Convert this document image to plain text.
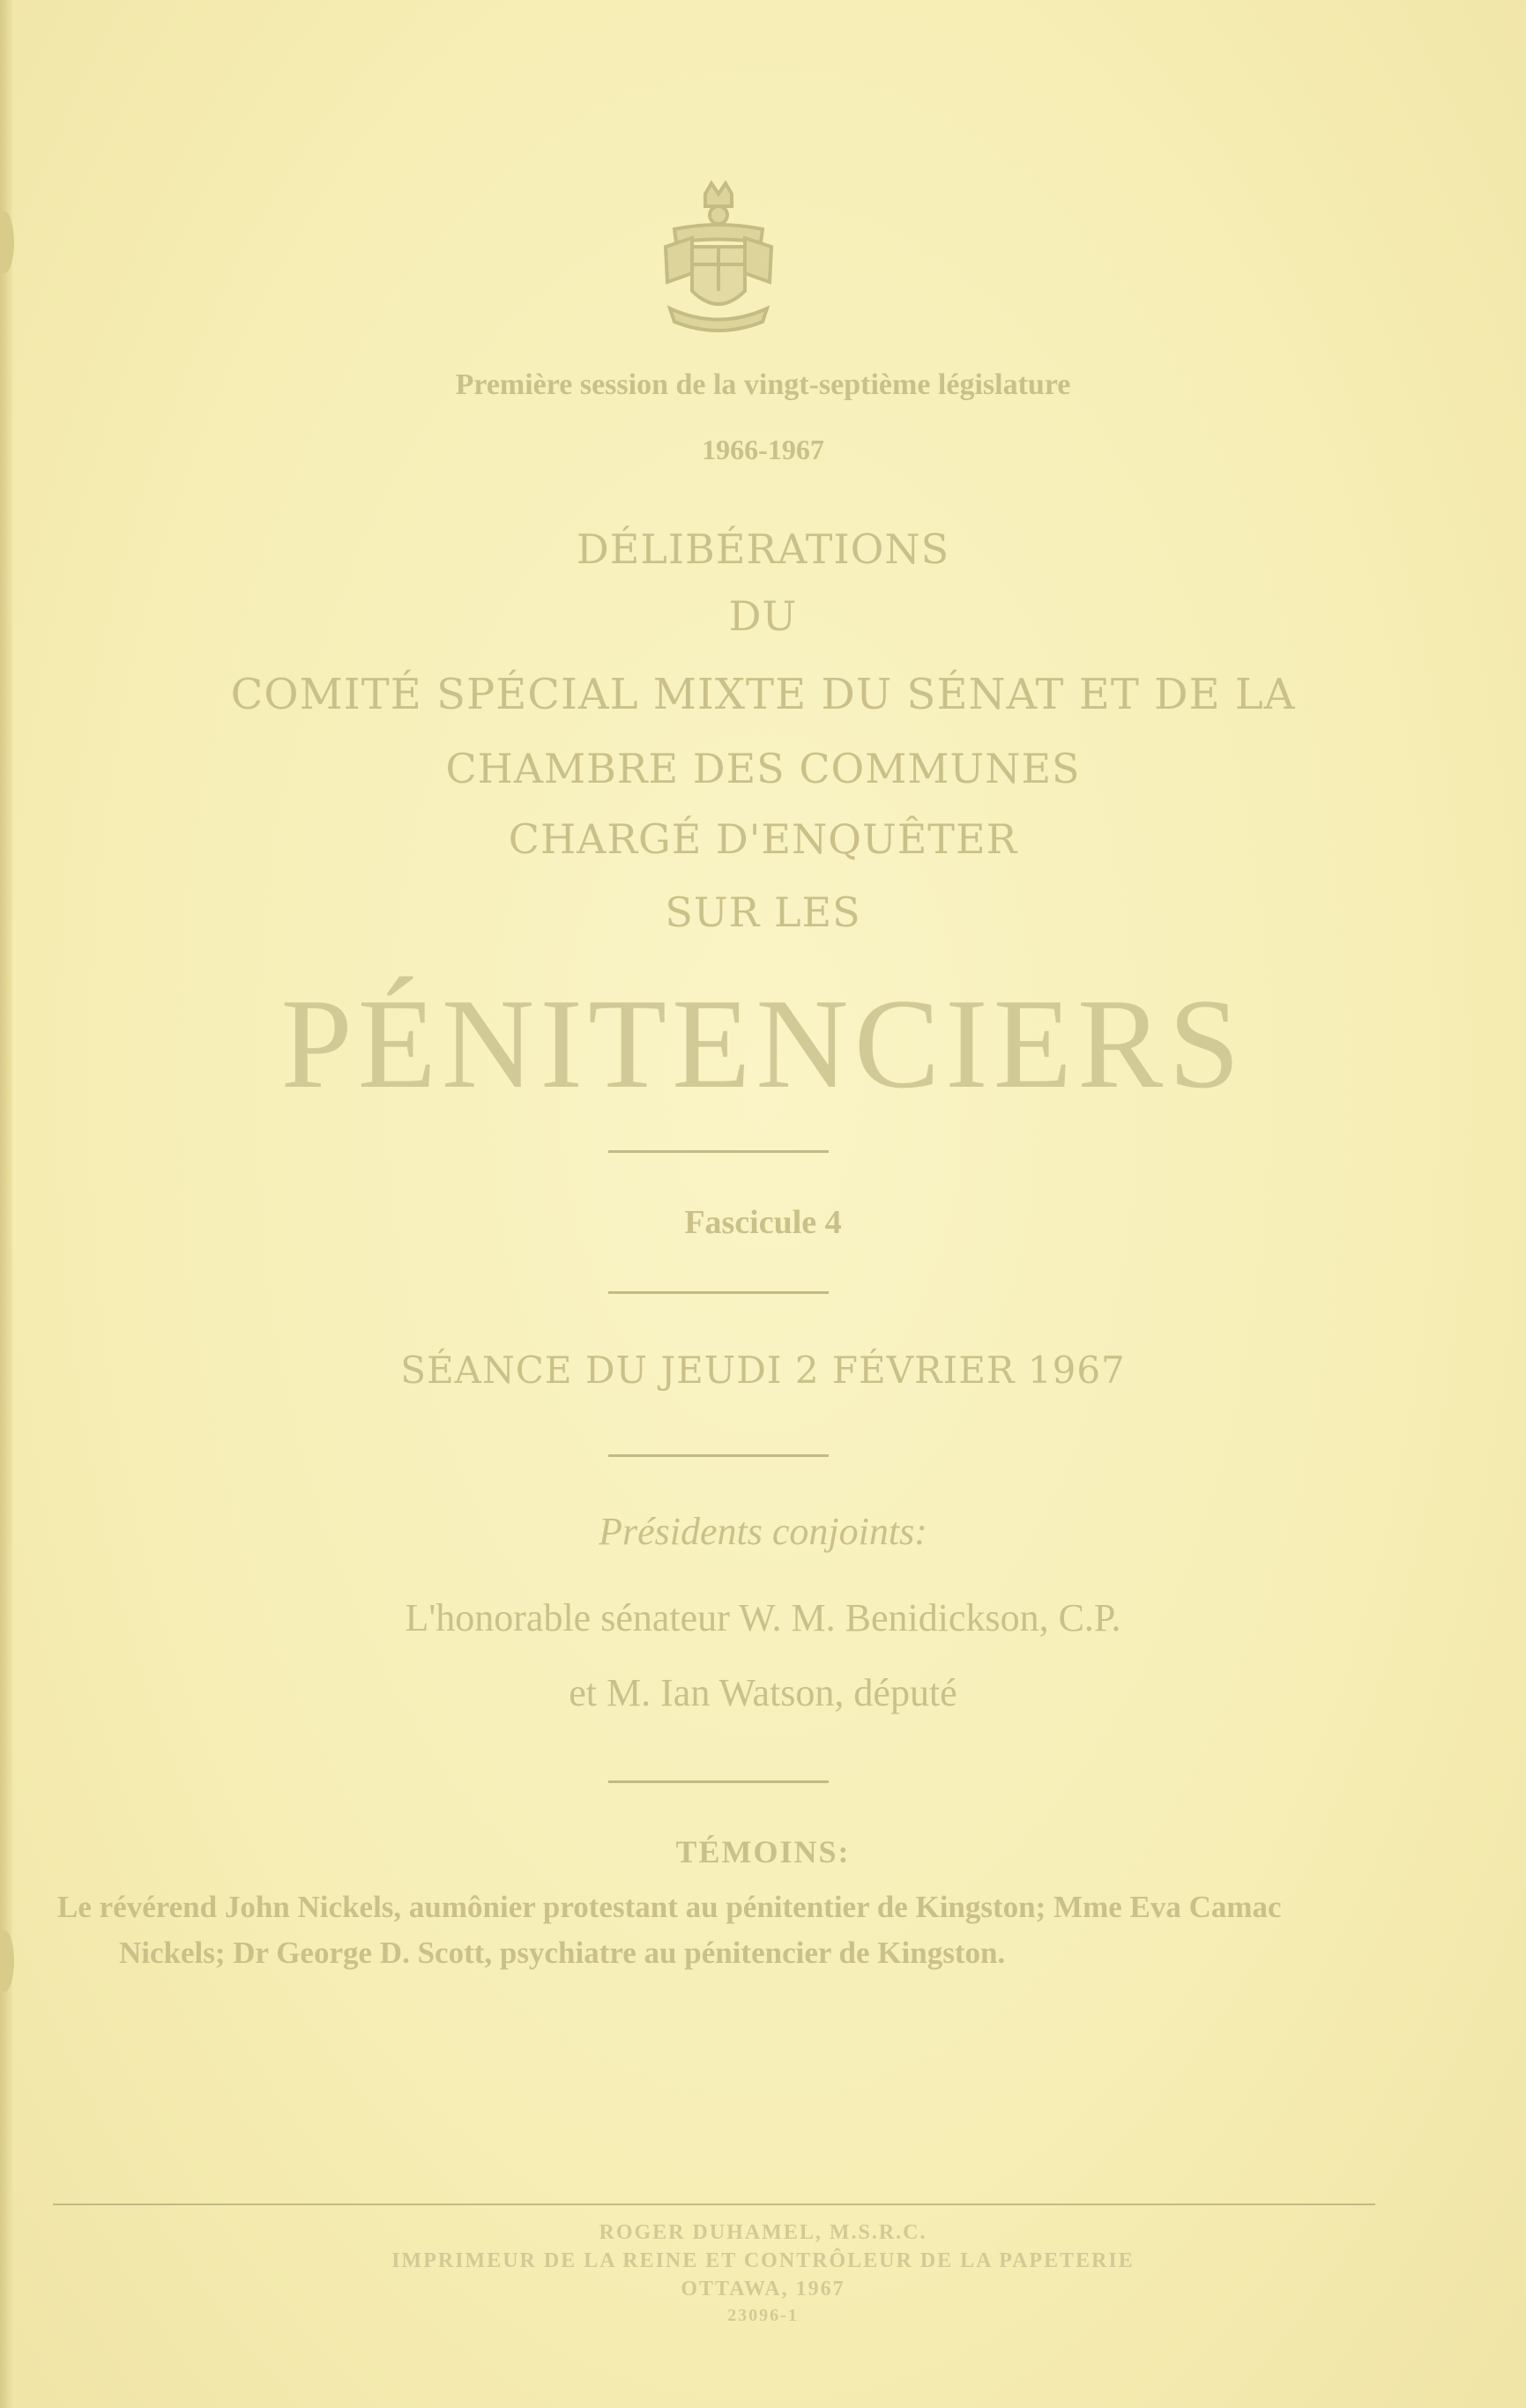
Première session de la vingt-septième législature
1966-1967
DÉLIBÉRATIONS
DU
COMITÉ SPÉCIAL MIXTE DU SÉNAT ET DE LA
CHAMBRE DES COMMUNES
CHARGÉ D'ENQUÊTER
SUR LES
PÉNITENCIERS
Fascicule 4
SÉANCE DU JEUDI 2 FÉVRIER 1967
Présidents conjoints:
L'honorable sénateur W. M. Benidickson, C.P.
et M. Ian Watson, député
TÉMOINS:
Le révérend John Nickels, aumônier protestant au pénitentier de Kingston; Mme Eva Camac Nickels; Dr George D. Scott, psychiatre au pénitencier de Kingston.
ROGER DUHAMEL, M.S.R.C.
IMPRIMEUR DE LA REINE ET CONTRÔLEUR DE LA PAPETERIE
OTTAWA, 1967
23096-1
